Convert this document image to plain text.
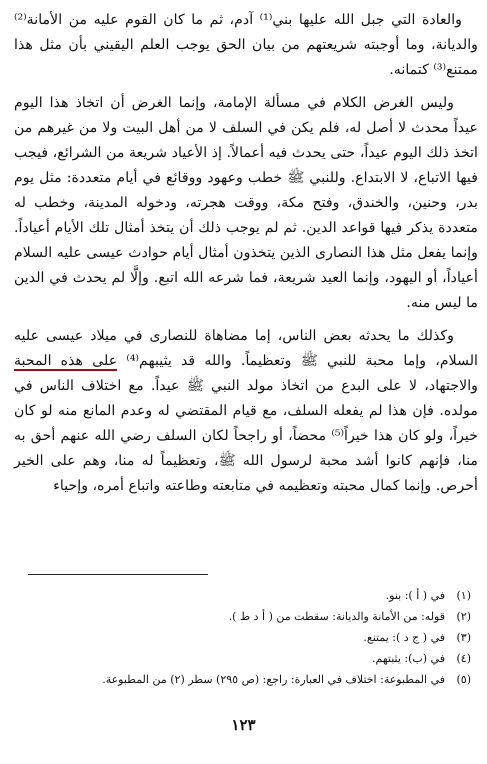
والعادة التي جبل الله عليها بني⁽¹⁾ آدم، ثم ما كان القوم عليه من الأمانة⁽²⁾ والديانة، وما أوجبته شريعتهم من بيان الحق يوجب العلم اليقيني بأن مثل هذا ممتنع⁽³⁾ كتمانه.

وليس الغرض الكلام في مسألة الإمامة، وإنما الغرض أن اتخاذ هذا اليوم عيداً محدث لا أصل له، فلم يكن في السلف لا من أهل البيت ولا من غيرهم من اتخذ ذلك اليوم عيداً، حتى يحدث فيه أعمالاً. إذ الأعياد شريعة من الشرائع، فيجب فيها الاتباع، لا الابتداع. وللنبي ﷺ خطب وعهود ووقائع في أيام متعددة: مثل يوم بدر، وحنين، والخندق، وفتح مكة، ووقت هجرته، ودخوله المدينة، وخطب له متعددة يذكر فيها قواعد الدين. ثم لم يوجب ذلك أن يتخذ أمثال تلك الأيام أعياداً. وإنما يفعل مثل هذا النصارى الذين يتخذون أمثال أيام حوادث عيسى عليه السلام أعياداً، أو اليهود، وإنما العيد شريعة، فما شرعه الله اتبع. وإلَّا لم يحدث في الدين ما ليس منه.

وكذلك ما يحدثه بعض الناس، إما مضاهاة للنصارى في ميلاد عيسى عليه السلام، وإما محبة للنبي ﷺ وتعظيماً. والله قد يثيبهم⁽⁴⁾ على هذه المحبة والاجتهاد، لا على البدع من اتخاذ مولد النبي ﷺ عيداً. مع اختلاف الناس في مولده. فإن هذا لم يفعله السلف، مع قيام المقتضي له وعدم المانع منه لو كان خيراً، ولو كان هذا خيراً⁽⁵⁾ محضاً، أو راجحاً لكان السلف رضي الله عنهم أحق به منا، فإنهم كانوا أشد محبة لرسول الله ﷺ، وتعظيماً له منا، وهم على الخير أحرص. وإنما كمال محبته وتعظيمه في متابعته وطاعته واتباع أمره، وإحياء

(١)
في ( أ ): بنو.
(٢)
قوله: من الأمانة والديانة: سقطت من ( أ د ط ).
(٣)
في ( ج د ): يمتنع.
(٤)
في (ب): يثبتهم.
(٥)
في المطبوعة: اختلاف في العبارة: راجع: (ص ٢٩٥) سطر (٢) من المطبوعة.
١٢٣
